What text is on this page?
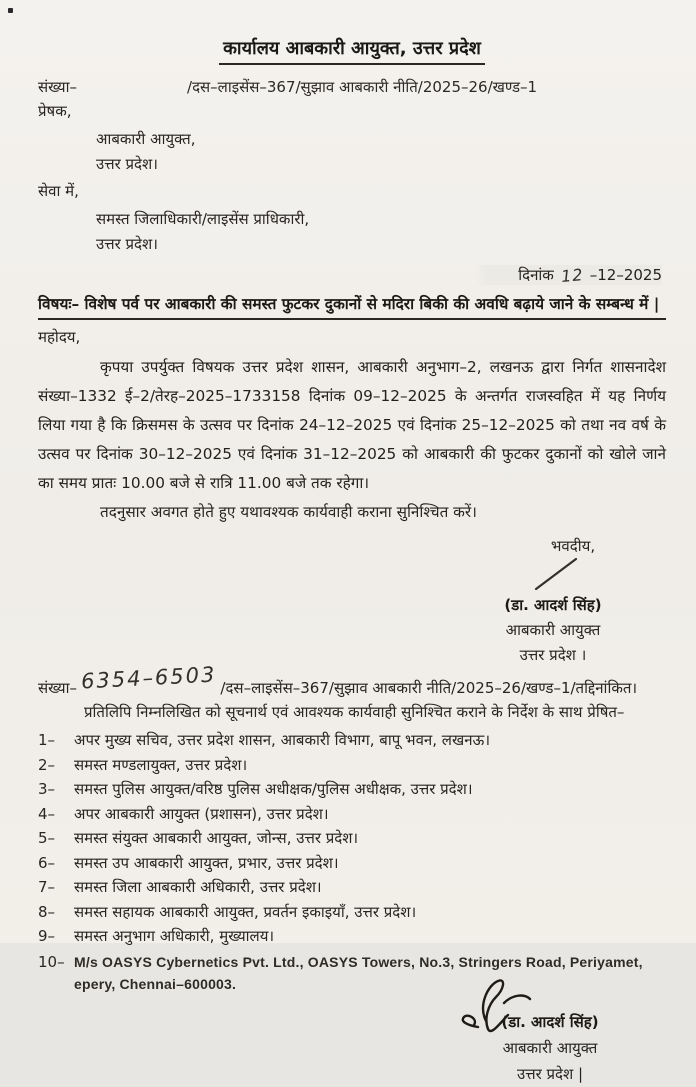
कार्यालय आबकारी आयुक्त, उत्तर प्रदेश
संख्या–	/दस–लाइसेंस–367/सुझाव आबकारी नीति/2025–26/खण्ड–1
प्रेषक,
आबकारी आयुक्त,
उत्तर प्रदेश।
सेवा में,
समस्त जिलाधिकारी/लाइसेंस प्राधिकारी,
उत्तर प्रदेश।
दिनांक 12 –12–2025
विषयः– विशेष पर्व पर आबकारी की समस्त फुटकर दुकानों से मदिरा बिकी की अवधि बढ़ाये जाने के सम्बन्ध में |
महोदय,

कृपया उपर्युक्त विषयक उत्तर प्रदेश शासन, आबकारी अनुभाग–2, लखनऊ द्वारा निर्गत शासनादेश संख्या–1332 ई–2/तेरह–2025–1733158 दिनांक 09–12–2025 के अन्तर्गत राजस्वहित में यह निर्णय लिया गया है कि क्रिसमस के उत्सव पर दिनांक 24–12–2025 एवं दिनांक 25–12–2025 को तथा नव वर्ष के उत्सव पर दिनांक 30–12–2025 एवं दिनांक 31–12–2025 को आबकारी की फुटकर दुकानों को खोले जाने का समय प्रातः 10.00 बजे से रात्रि 11.00 बजे तक रहेगा।

तदनुसार अवगत होते हुए यथावश्यक कार्यवाही कराना सुनिश्चित करें।

भवदीय,
(डा. आदर्श सिंह)
आबकारी आयुक्त
उत्तर प्रदेश ।
संख्या– 6354–6503 /दस–लाइसेंस–367/सुझाव आबकारी नीति/2025–26/खण्ड–1/तद्दिनांकित।
प्रतिलिपि निम्नलिखित को सूचनार्थ एवं आवश्यक कार्यवाही सुनिश्चित कराने के निर्देश के साथ प्रेषित–
1–	अपर मुख्य सचिव, उत्तर प्रदेश शासन, आबकारी विभाग, बापू भवन, लखनऊ।
2–	समस्त मण्डलायुक्त, उत्तर प्रदेश।
3–	समस्त पुलिस आयुक्त/वरिष्ठ पुलिस अधीक्षक/पुलिस अधीक्षक, उत्तर प्रदेश।
4–	अपर आबकारी आयुक्त (प्रशासन), उत्तर प्रदेश।
5–	समस्त संयुक्त आबकारी आयुक्त, जोन्स, उत्तर प्रदेश।
6–	समस्त उप आबकारी आयुक्त, प्रभार, उत्तर प्रदेश।
7–	समस्त जिला आबकारी अधिकारी, उत्तर प्रदेश।
8–	समस्त सहायक आबकारी आयुक्त, प्रवर्तन इकाइयाँ, उत्तर प्रदेश।
9–	समस्त अनुभाग अधिकारी, मुख्यालय।
10– M/s OASYS Cybernetics Pvt. Ltd., OASYS Towers, No.3, Stringers Road, Periyamet, epery, Chennai–600003.
(डा. आदर्श सिंह)
आबकारी आयुक्त
उत्तर प्रदेश |
